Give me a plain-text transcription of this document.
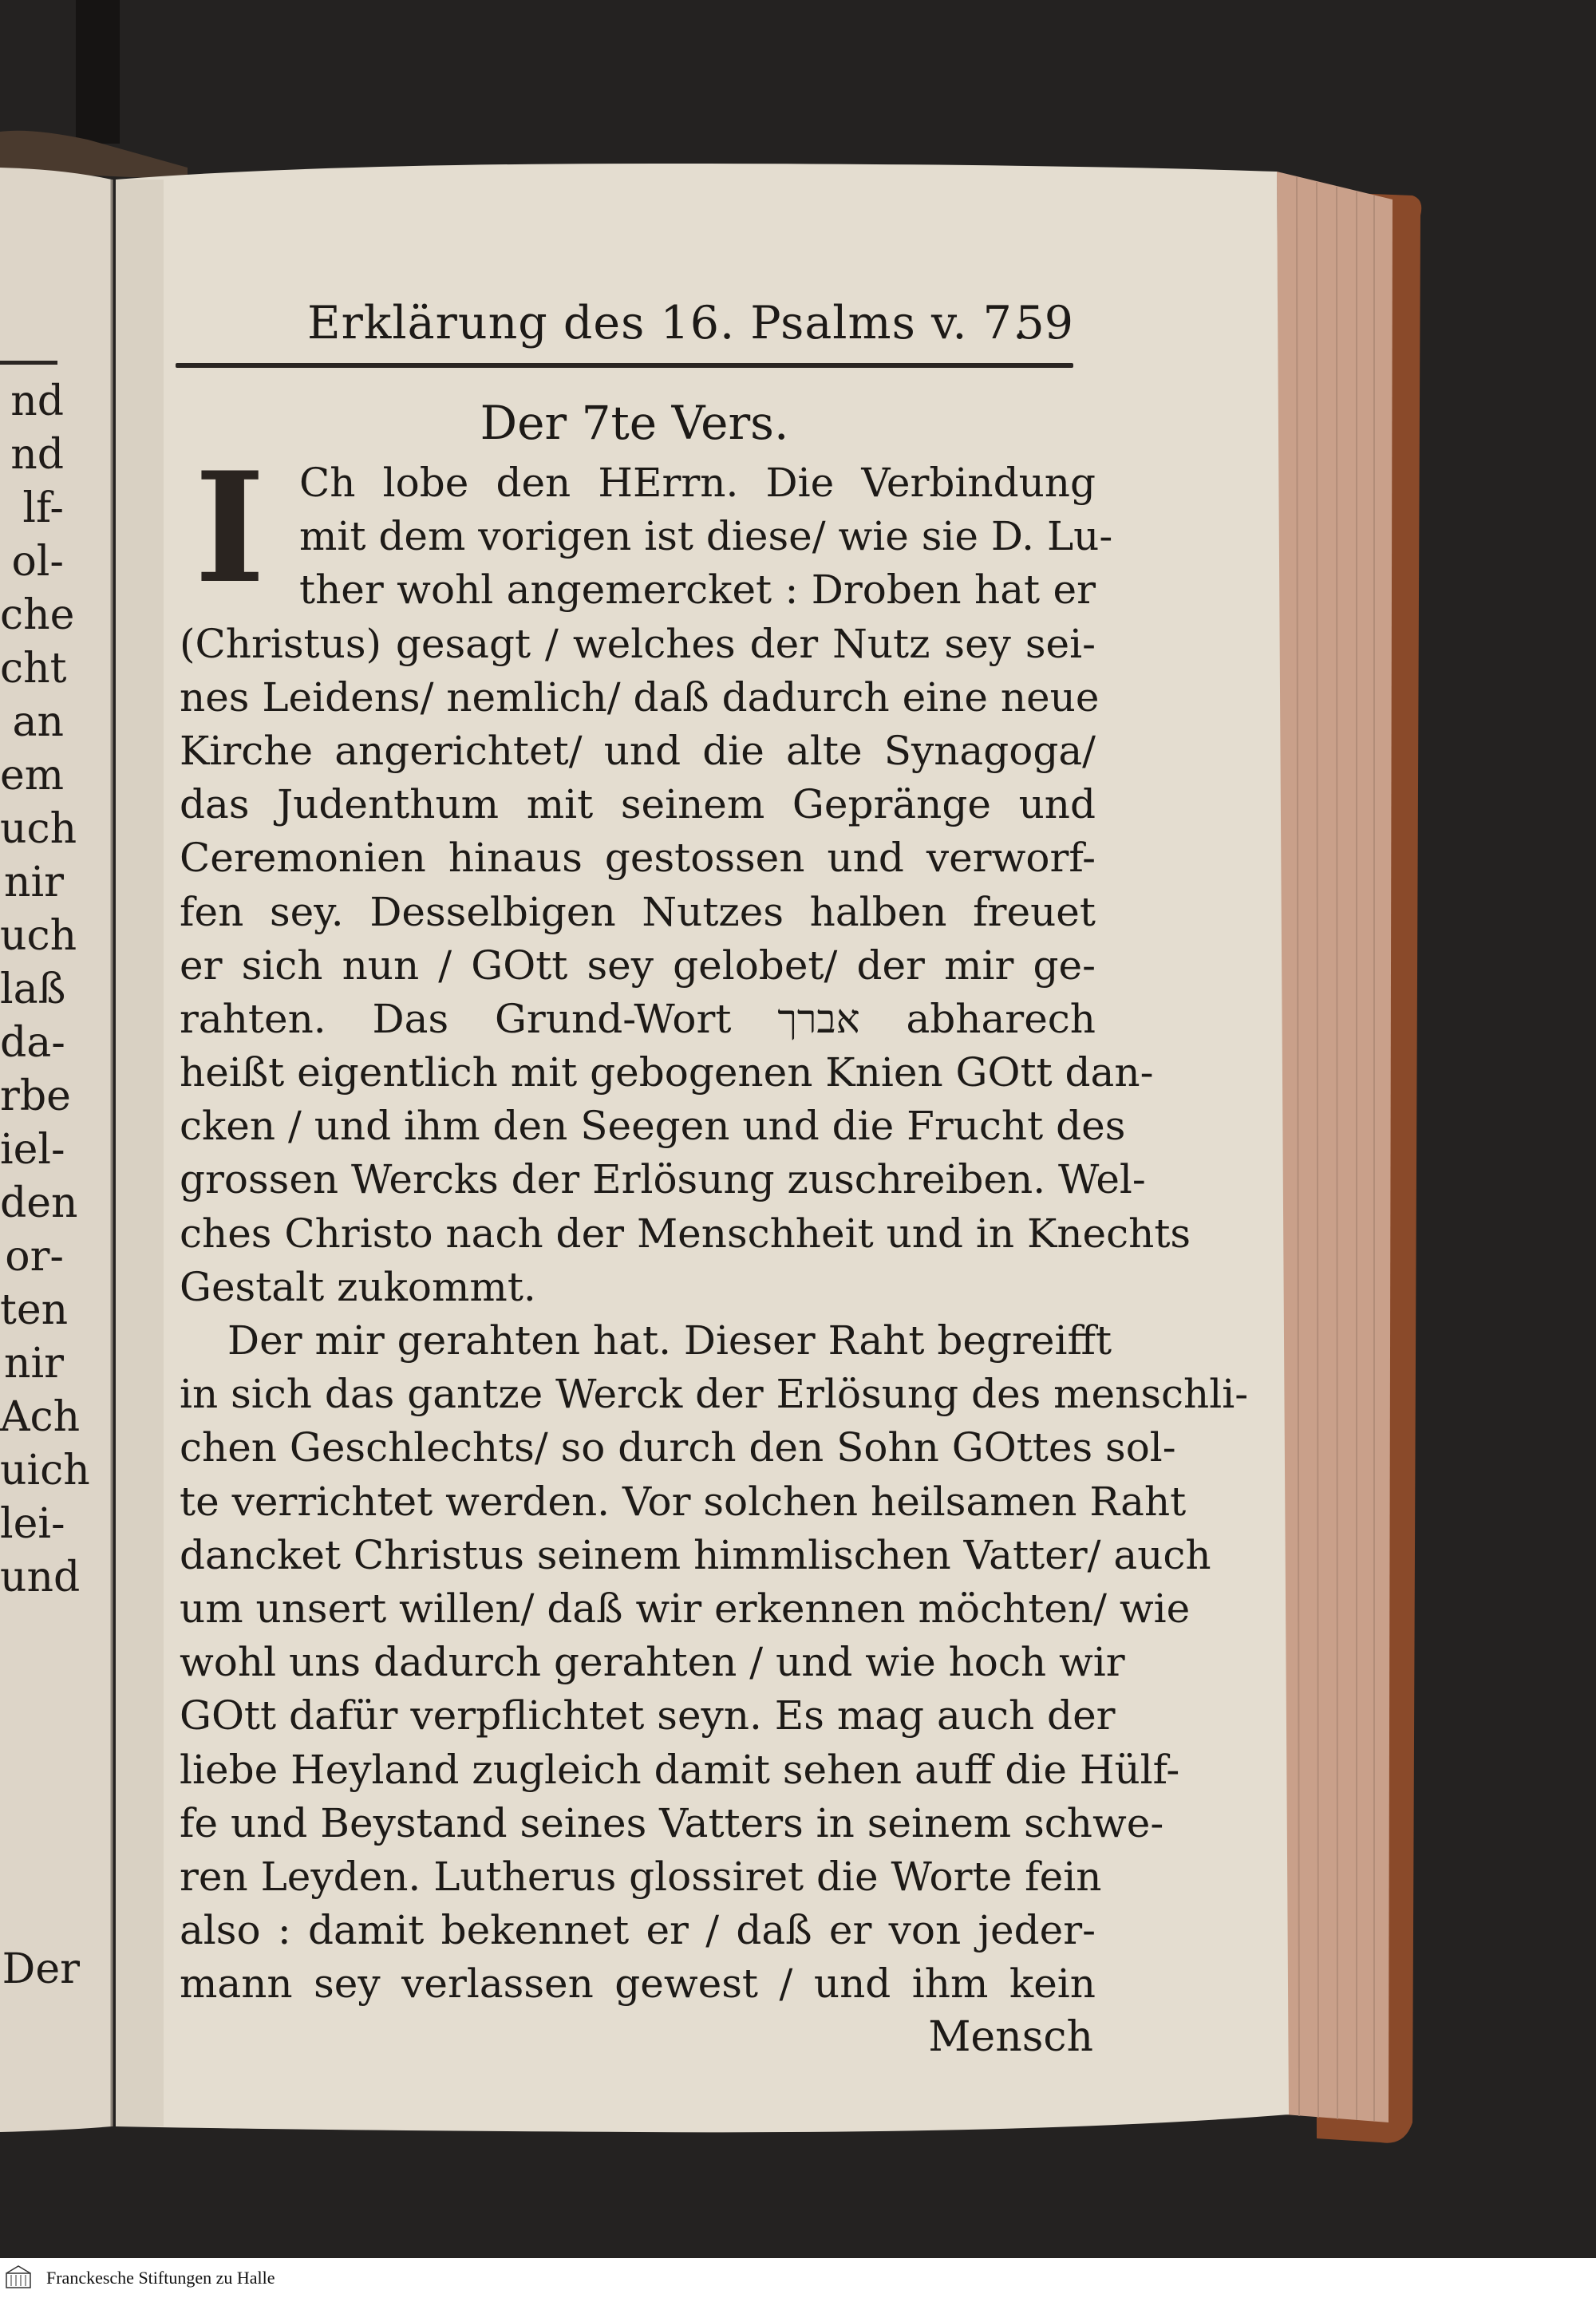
nd
nd
lf-
ol-
che
cht
an
em
uch
nir
uch
laß
da-
rbe
iel-
den
or-
ten
nir
Ach
uich
lei-
und
Der
Erklärung des 16. Psalms v. 7.
59
Der 7te Vers.
I Ch lobe den HErrn. Die Verbindung
mit dem vorigen ist diese/ wie sie D. Lu-
ther wohl angemercket : Droben hat er
(Christus) gesagt / welches der Nutz sey sei-
nes Leidens/ nemlich/ daß dadurch eine neue
Kirche angerichtet/ und die alte Synagoga/
das Judenthum mit seinem Gepränge und
Ceremonien hinaus gestossen und verworf-
fen sey. Desselbigen Nutzes halben freuet
er sich nun / GOtt sey gelobet/ der mir ge-
rahten. Das Grund-Wort אברך abharech
heißt eigentlich mit gebogenen Knien GOtt dan-
cken / und ihm den Seegen und die Frucht des
grossen Wercks der Erlösung zuschreiben. Wel-
ches Christo nach der Menschheit und in Knechts
Gestalt zukommt.
Der mir gerahten hat. Dieser Raht begreifft
in sich das gantze Werck der Erlösung des menschli-
chen Geschlechts/ so durch den Sohn GOttes sol-
te verrichtet werden. Vor solchen heilsamen Raht
dancket Christus seinem himmlischen Vatter/ auch
um unsert willen/ daß wir erkennen möchten/ wie
wohl uns dadurch gerahten / und wie hoch wir
GOtt dafür verpflichtet seyn. Es mag auch der
liebe Heyland zugleich damit sehen auff die Hülf-
fe und Beystand seines Vatters in seinem schwe-
ren Leyden. Lutherus glossiret die Worte fein
also : damit bekennet er / daß er von jeder-
mann sey verlassen gewest / und ihm kein
Mensch
Franckesche Stiftungen zu Halle
